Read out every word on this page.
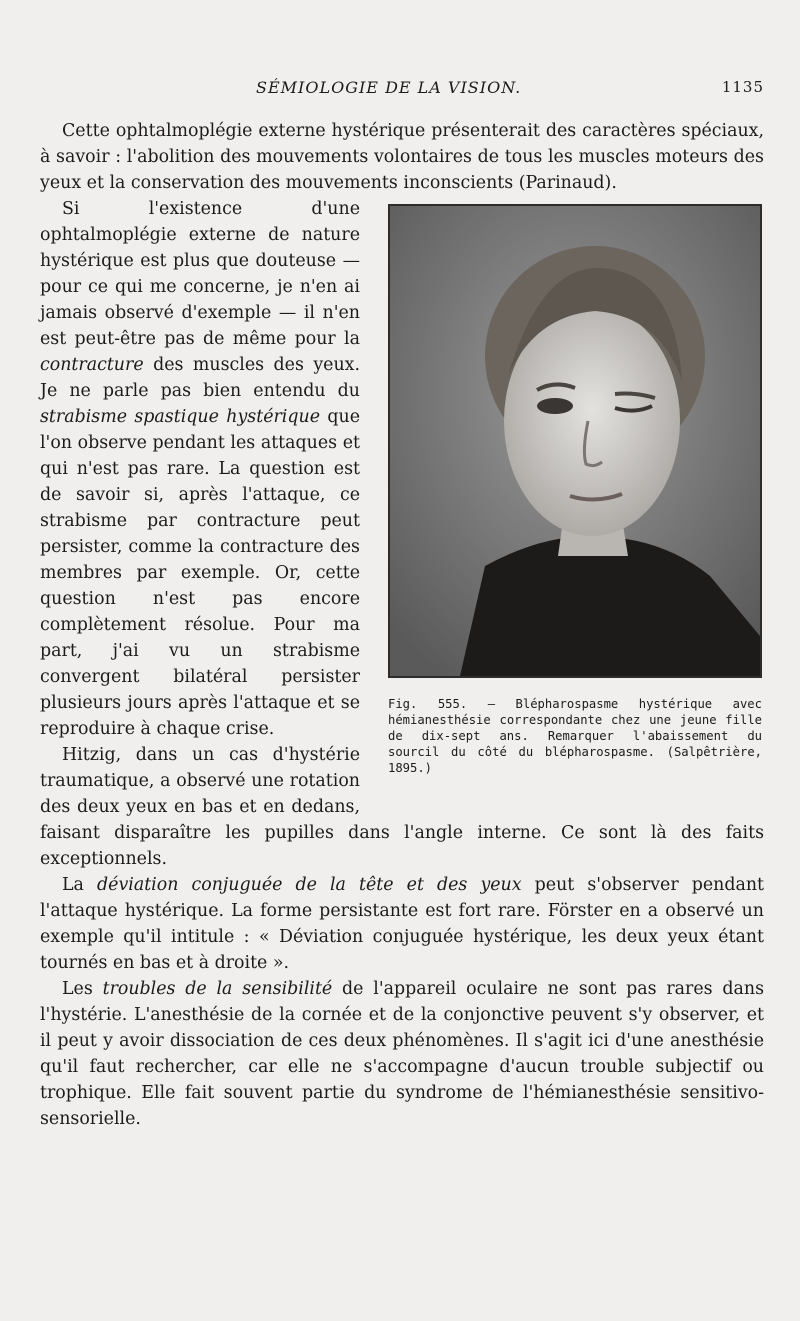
SÉMIOLOGIE DE LA VISION.	1135

Cette ophtalmoplégie externe hystérique présenterait des caractères spéciaux, à savoir : l'abolition des mouvements volontaires de tous les muscles moteurs des yeux et la conservation des mouvements inconscients (Parinaud).

Fig. 555. — Blépharospasme hystérique avec hémianesthésie correspondante chez une jeune fille de dix-sept ans. Remarquer l'abaissement du sourcil du côté du blépharospasme. (Salpêtrière, 1895.)

Si l'existence d'une ophtalmoplégie externe de nature hystérique est plus que douteuse — pour ce qui me concerne, je n'en ai jamais observé d'exemple — il n'en est peut-être pas de même pour la contracture des muscles des yeux. Je ne parle pas bien entendu du strabisme spastique hystérique que l'on observe pendant les attaques et qui n'est pas rare. La question est de savoir si, après l'attaque, ce strabisme par contracture peut persister, comme la contracture des membres par exemple. Or, cette question n'est pas encore complètement résolue. Pour ma part, j'ai vu un strabisme convergent bilatéral persister plusieurs jours après l'attaque et se reproduire à chaque crise.

Hitzig, dans un cas d'hystérie traumatique, a observé une rotation des deux yeux en bas et en dedans, faisant disparaître les pupilles dans l'angle interne. Ce sont là des faits exceptionnels.

La déviation conjuguée de la tête et des yeux peut s'observer pendant l'attaque hystérique. La forme persistante est fort rare. Förster en a observé un exemple qu'il intitule : « Déviation conjuguée hystérique, les deux yeux étant tournés en bas et à droite ».

Les troubles de la sensibilité de l'appareil oculaire ne sont pas rares dans l'hystérie. L'anesthésie de la cornée et de la conjonctive peuvent s'y observer, et il peut y avoir dissociation de ces deux phénomènes. Il s'agit ici d'une anesthésie qu'il faut rechercher, car elle ne s'accompagne d'aucun trouble subjectif ou trophique. Elle fait souvent partie du syndrome de l'hémianesthésie sensitivo-sensorielle.
